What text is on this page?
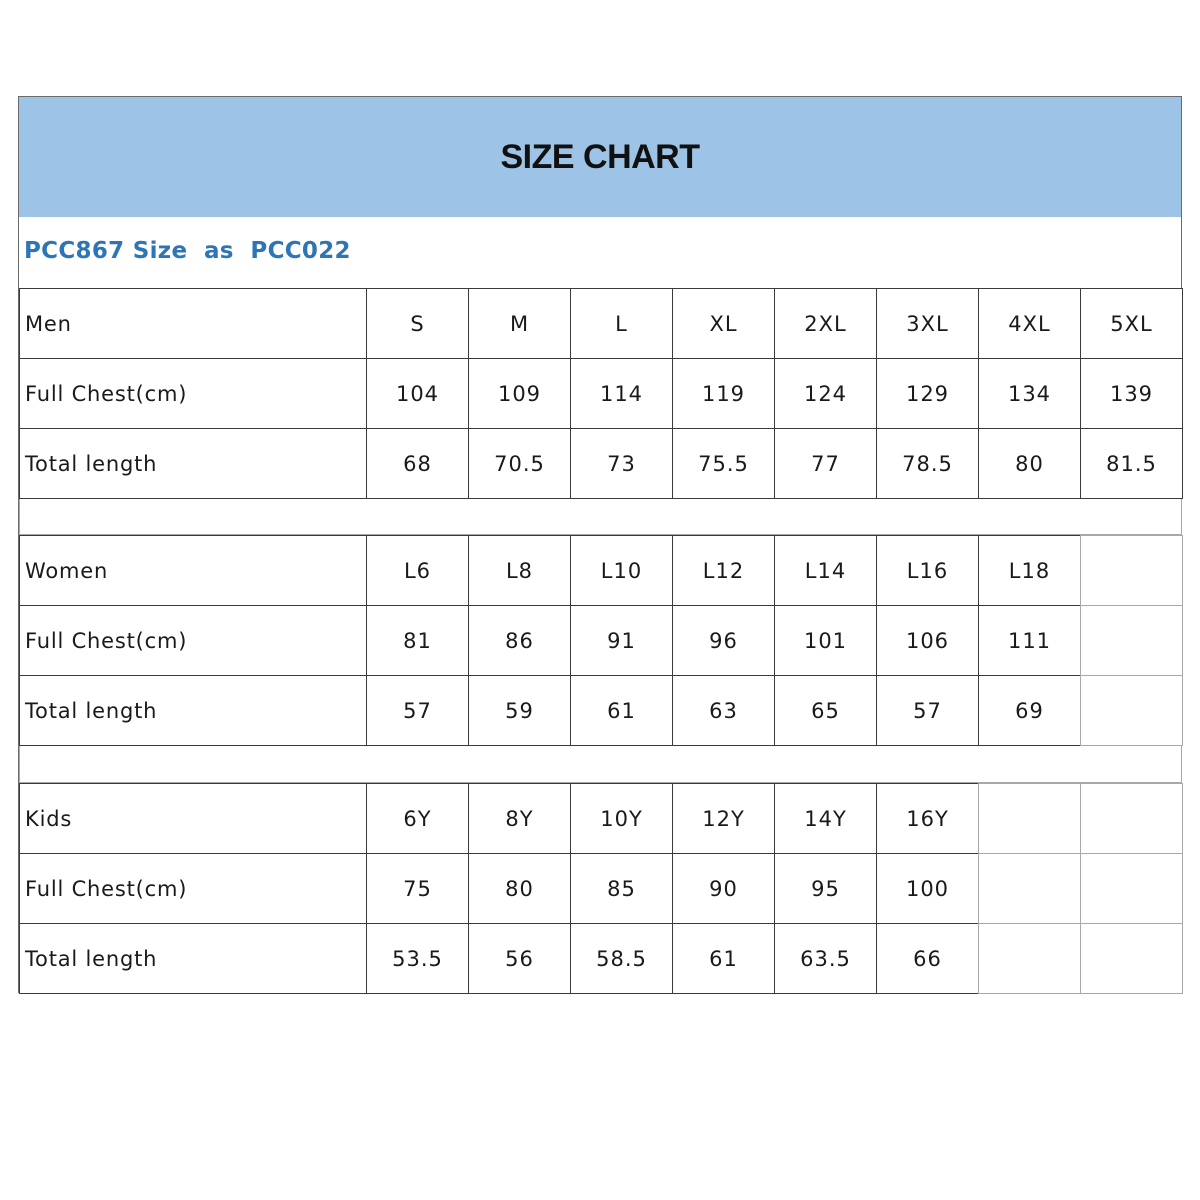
SIZE CHART
PCC867 Size  as  PCC022
Men	S	M	L	XL	2XL	3XL	4XL	5XL
Full Chest(cm)	104	109	114	119	124	129	134	139
Total length	68	70.5	73	75.5	77	78.5	80	81.5
Women	L6	L8	L10	L12	L14	L16	L18
Full Chest(cm)	81	86	91	96	101	106	111
Total length	57	59	61	63	65	57	69
Kids	6Y	8Y	10Y	12Y	14Y	16Y
Full Chest(cm)	75	80	85	90	95	100
Total length	53.5	56	58.5	61	63.5	66
